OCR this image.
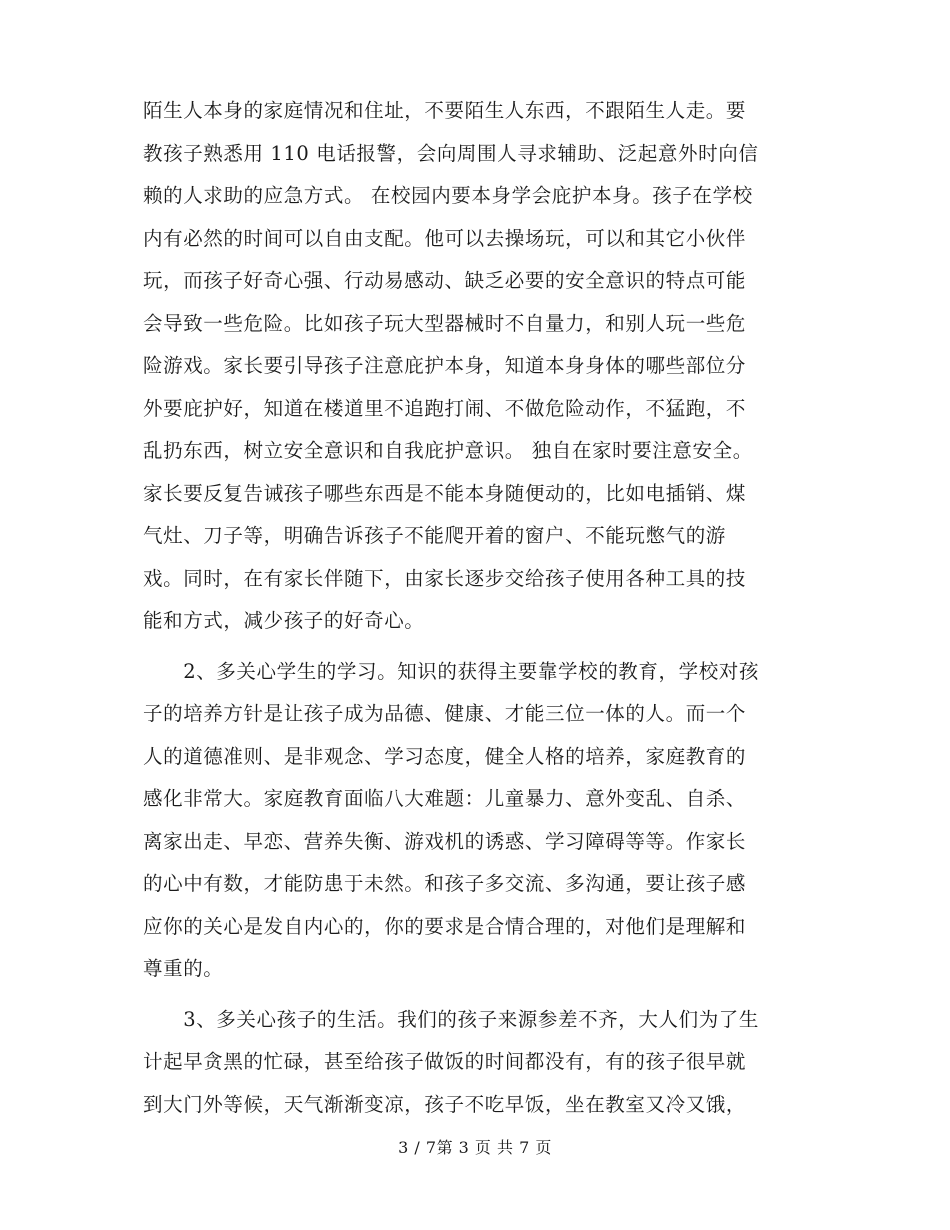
陌生人本身的家庭情况和住址，不要陌生人东西，不跟陌生人走。要
教孩子熟悉用 110 电话报警，会向周围人寻求辅助、泛起意外时向信
赖的人求助的应急方式。 在校园内要本身学会庇护本身。孩子在学校
内有必然的时间可以自由支配。他可以去操场玩，可以和其它小伙伴
玩，而孩子好奇心强、行动易感动、缺乏必要的安全意识的特点可能
会导致一些危险。比如孩子玩大型器械时不自量力，和别人玩一些危
险游戏。家长要引导孩子注意庇护本身，知道本身身体的哪些部位分
外要庇护好，知道在楼道里不追跑打闹、不做危险动作，不猛跑，不
乱扔东西，树立安全意识和自我庇护意识。 独自在家时要注意安全。
家长要反复告诫孩子哪些东西是不能本身随便动的，比如电插销、煤
气灶、刀子等，明确告诉孩子不能爬开着的窗户、不能玩憋气的游
戏。同时，在有家长伴随下，由家长逐步交给孩子使用各种工具的技
能和方式，减少孩子的好奇心。
　　2、多关心学生的学习。知识的获得主要靠学校的教育，学校对孩
子的培养方针是让孩子成为品德、健康、才能三位一体的人。而一个
人的道德准则、是非观念、学习态度，健全人格的培养，家庭教育的
感化非常大。家庭教育面临八大难题：儿童暴力、意外变乱、自杀、
离家出走、早恋、营养失衡、游戏机的诱惑、学习障碍等等。作家长
的心中有数，才能防患于未然。和孩子多交流、多沟通，要让孩子感
应你的关心是发自内心的，你的要求是合情合理的，对他们是理解和
尊重的。
　　3、多关心孩子的生活。我们的孩子来源参差不齐，大人们为了生
计起早贪黑的忙碌，甚至给孩子做饭的时间都没有，有的孩子很早就
到大门外等候，天气渐渐变凉，孩子不吃早饭，坐在教室又冷又饿，
3 / 7第 3 页 共 7 页
